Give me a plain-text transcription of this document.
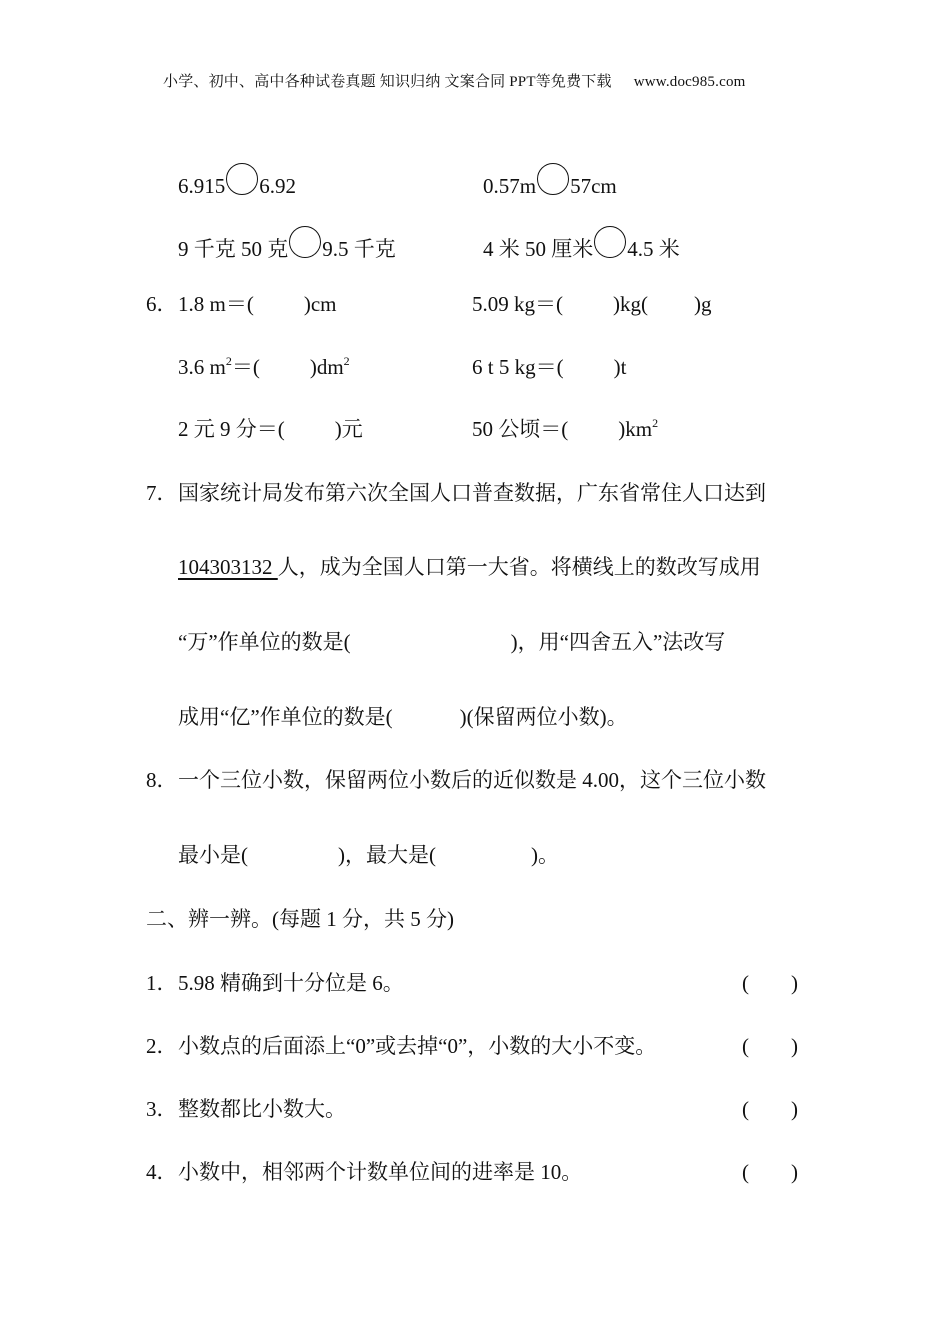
小学、初中、高中各种试卷真题 知识归纳 文案合同 PPT等免费下载 www.doc985.com
6.915 6.92	0.57m 57cm
9 千克 50 克 9.5 千克	4 米 50 厘米 4.5 米
6． 1.8 m＝( )cm	5.09 kg＝( )kg( )g
3.6 $m^2=$( )$dm^2$	6 t 5 kg＝( )t
2 元 9 分＝( )元	50 公顷＝( )$km^2$
7． 国家统计局发布第六次全国人口普查数据，广东省常住人口达到
104303132 人，成为全国人口第一大省。将横线上的数改写成用
“万”作单位的数是(	)，用“四舍五入”法改写
成用“亿”作单位的数是(	)(保留两位小数)。
8． 一个三位小数，保留两位小数后的近似数是 4.00，这个三位小数
最小是(	)，最大是(	)。
二、辨一辨。(每题 1 分，共 5 分)
1． 5.98 精确到十分位是 6。	(　　)
2． 小数点的后面添上“0”或去掉“0”，小数的大小不变。	(　　)
3． 整数都比小数大。	(　　)
4． 小数中，相邻两个计数单位间的进率是 10。	(　　)
